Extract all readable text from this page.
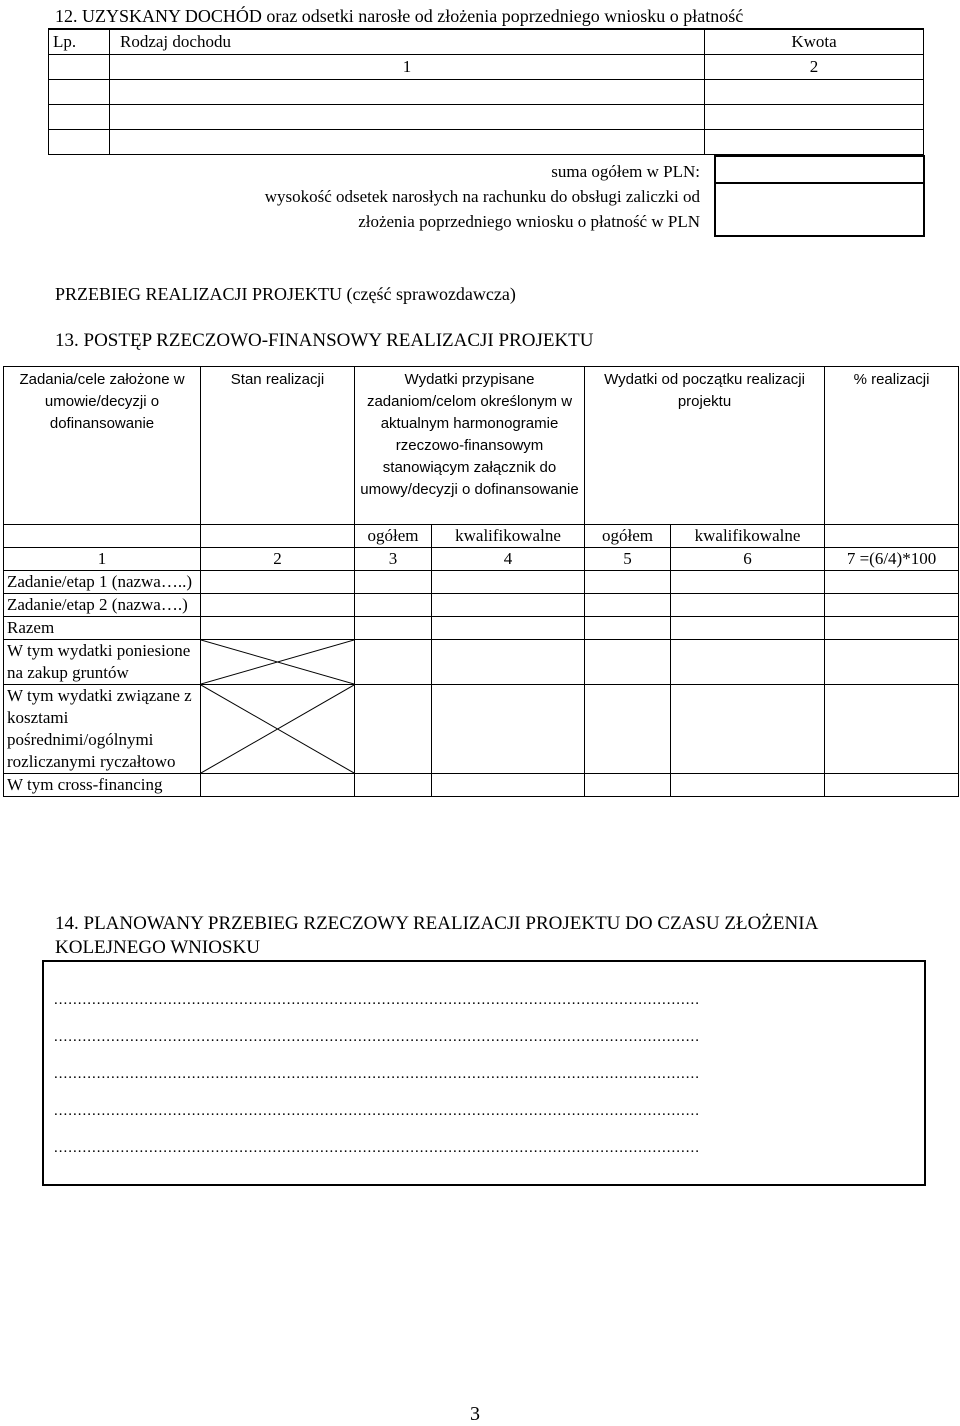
12. UZYSKANY DOCHÓD oraz odsetki narosłe od złożenia poprzedniego wniosku o płatność
Lp.	Rodzaj dochodu	Kwota
	1	2

suma ogółem w PLN:
wysokość odsetek narosłych na rachunku do obsługi zaliczki od
złożenia poprzedniego wniosku o płatność w PLN
PRZEBIEG REALIZACJI PROJEKTU (część sprawozdawcza)
13. POSTĘP RZECZOWO-FINANSOWY REALIZACJI PROJEKTU
Zadania/cele założone w umowie/decyzji o dofinansowanie	Stan realizacji	Wydatki przypisane zadaniom/celom określonym w aktualnym harmonogramie rzeczowo-finansowym stanowiącym załącznik do umowy/decyzji o dofinansowanie		Wydatki od początku realizacji projektu		% realizacji
		ogółem	kwalifikowalne	ogółem	kwalifikowalne	
1	2	3	4	5	6	7 =(6/4)*100
Zadanie/etap 1 (nazwa…..)						
Zadanie/etap 2 (nazwa….)						
Razem						
W tym wydatki poniesione na zakup gruntów	

W tym wydatki związane z kosztami pośrednimi/ogólnymi rozliczanymi ryczałtowo	

W tym cross-financing						
14. PLANOWANY PRZEBIEG RZECZOWY REALIZACJI PROJEKTU DO CZASU ZŁOŻENIA KOLEJNEGO WNIOSKU
........................................................................................................................................
........................................................................................................................................
........................................................................................................................................
........................................................................................................................................
........................................................................................................................................
3
